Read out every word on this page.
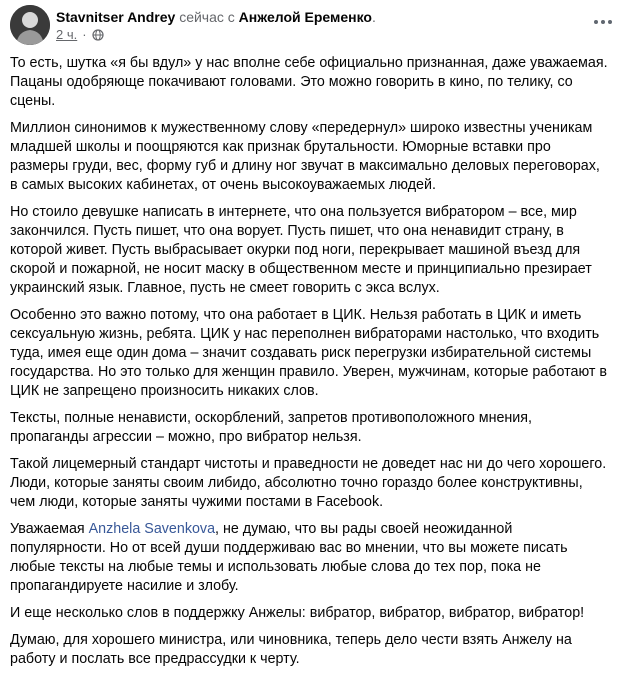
Stavnitser Andrey сейчас с Анжелой Еременко.
2 ч. ·

То есть, шутка «я бы вдул» у нас вполне себе официально признанная, даже уважаемая. Пацаны одобряюще покачивают головами. Это можно говорить в кино, по телику, со сцены.

Миллион синонимов к мужественному слову «передернул» широко известны ученикам младшей школы и поощряются как признак брутальности. Юморные вставки про размеры груди, вес, форму губ и длину ног звучат в максимально деловых переговорах, в самых высоких кабинетах, от очень высокоуважаемых людей.

Но стоило девушке написать в интернете, что она пользуется вибратором – все, мир закончился. Пусть пишет, что она ворует. Пусть пишет, что она ненавидит страну, в которой живет. Пусть выбрасывает окурки под ноги, перекрывает машиной въезд для скорой и пожарной, не носит маску в общественном месте и принципиально презирает украинский язык. Главное, пусть не смеет говорить с экса вслух.

Особенно это важно потому, что она работает в ЦИК. Нельзя работать в ЦИК и иметь сексуальную жизнь, ребята. ЦИК у нас переполнен вибраторами настолько, что входить туда, имея еще один дома – значит создавать риск перегрузки избирательной системы государства. Но это только для женщин правило. Уверен, мужчинам, которые работают в ЦИК не запрещено произносить никаких слов.

Тексты, полные ненависти, оскорблений, запретов противоположного мнения, пропаганды агрессии – можно, про вибратор нельзя.

Такой лицемерный стандарт чистоты и праведности не доведет нас ни до чего хорошего. Люди, которые заняты своим либидо, абсолютно точно гораздо более конструктивны, чем люди, которые заняты чужими постами в Facebook.

Уважаемая Anzhela Savenkova, не думаю, что вы рады своей неожиданной популярности. Но от всей души поддерживаю вас во мнении, что вы можете писать любые тексты на любые темы и использовать любые слова до тех пор, пока не пропагандируете насилие и злобу.

И еще несколько слов в поддержку Анжелы: вибратор, вибратор, вибратор, вибратор!

Думаю, для хорошего министра, или чиновника, теперь дело чести взять Анжелу на работу и послать все предрассудки к черту.
